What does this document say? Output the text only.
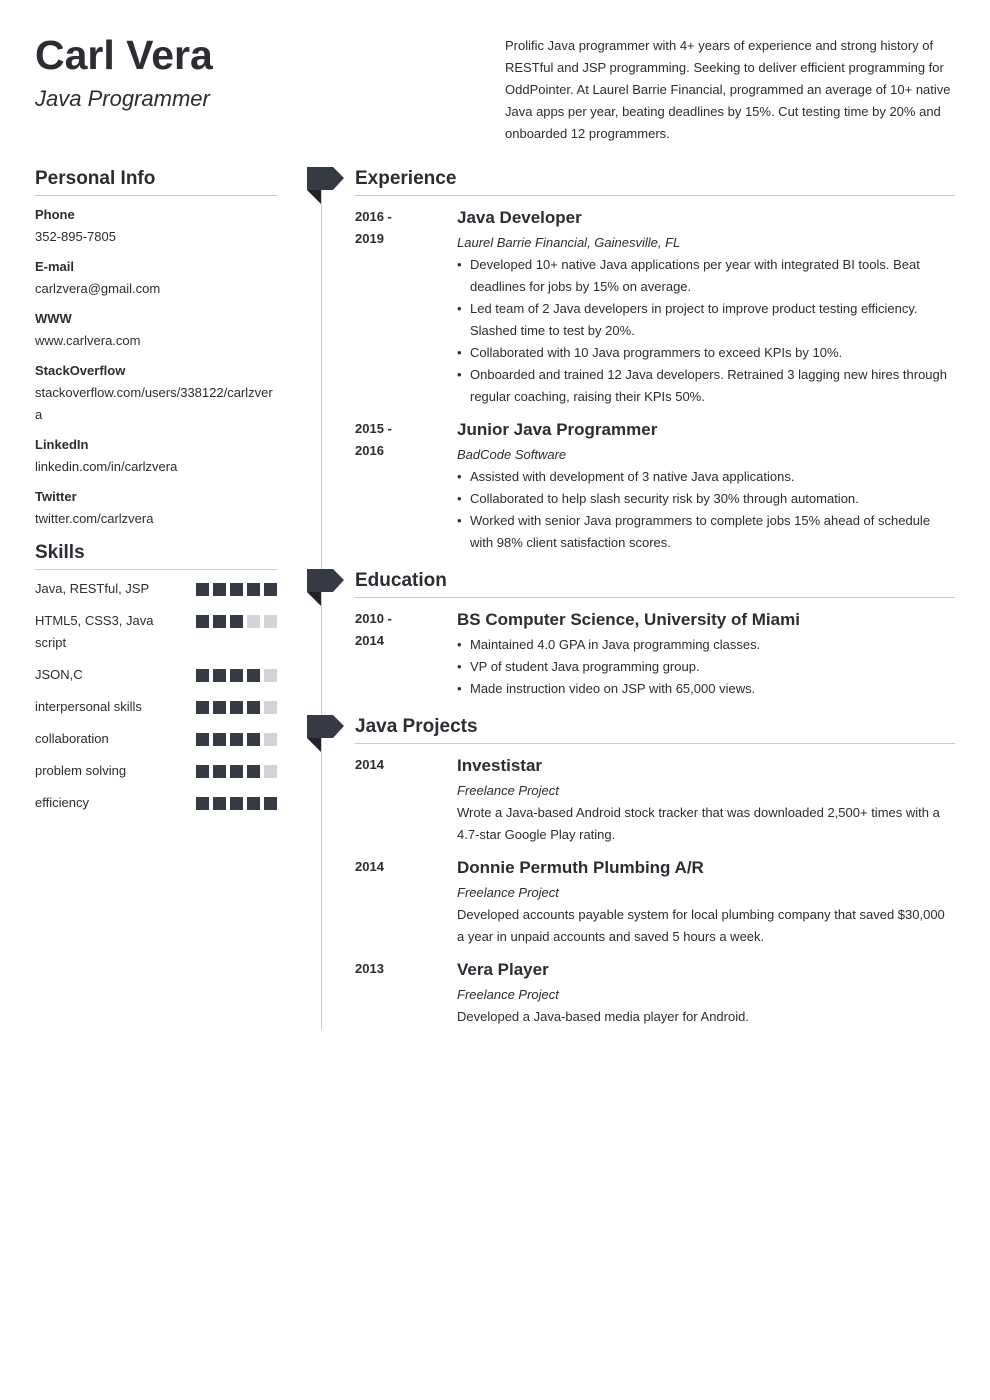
Carl Vera
Java Programmer
Prolific Java programmer with 4+ years of experience and strong history of RESTful and JSP programming. Seeking to deliver efficient programming for OddPointer. At Laurel Barrie Financial, programmed an average of 10+ native Java apps per year, beating deadlines by 15%. Cut testing time by 20% and onboarded 12 programmers.
Personal Info
Phone
352-895-7805
E-mail
carlzvera@gmail.com
WWW
www.carlvera.com
StackOverflow
stackoverflow.com/users/338122/carlzvera
LinkedIn
linkedin.com/in/carlzvera
Twitter
twitter.com/carlzvera
Skills
Java, RESTful, JSP
HTML5, CSS3, Java script
JSON,C
interpersonal skills
collaboration
problem solving
efficiency
Experience
2016 -
2019
Java Developer
Laurel Barrie Financial, Gainesville, FL
• Developed 10+ native Java applications per year with integrated BI tools. Beat deadlines for jobs by 15% on average.
• Led team of 2 Java developers in project to improve product testing efficiency. Slashed time to test by 20%.
• Collaborated with 10 Java programmers to exceed KPIs by 10%.
• Onboarded and trained 12 Java developers. Retrained 3 lagging new hires through regular coaching, raising their KPIs 50%.
2015 -
2016
Junior Java Programmer
BadCode Software
• Assisted with development of 3 native Java applications.
• Collaborated to help slash security risk by 30% through automation.
• Worked with senior Java programmers to complete jobs 15% ahead of schedule with 98% client satisfaction scores.
Education
2010 -
2014
BS Computer Science, University of Miami
• Maintained 4.0 GPA in Java programming classes.
• VP of student Java programming group.
• Made instruction video on JSP with 65,000 views.
Java Projects
2014	Investistar
Freelance Project
Wrote a Java-based Android stock tracker that was downloaded 2,500+ times with a 4.7-star Google Play rating.
2014	Donnie Permuth Plumbing A/R
Freelance Project
Developed accounts payable system for local plumbing company that saved $30,000 a year in unpaid accounts and saved 5 hours a week.
2013	Vera Player
Freelance Project
Developed a Java-based media player for Android.
